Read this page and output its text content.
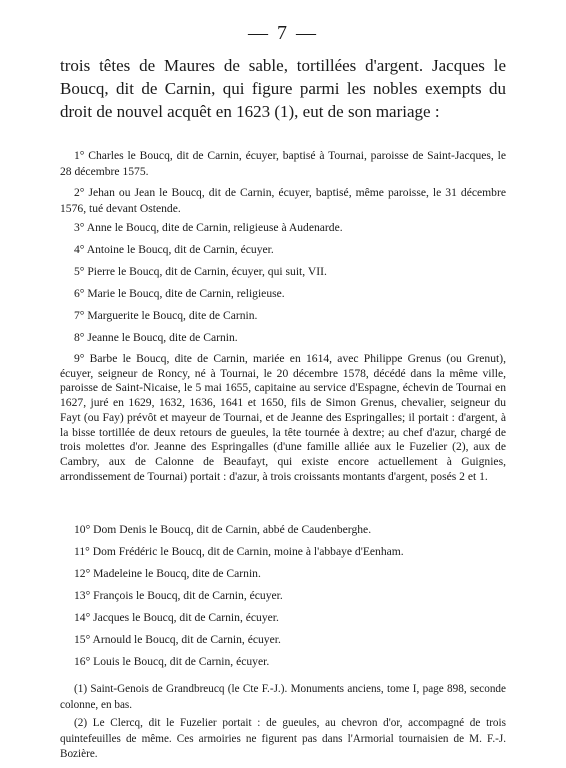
— 7 —
trois têtes de Maures de sable, tortillées d'argent. Jacques le Boucq, dit de Carnin, qui figure parmi les nobles exempts du droit de nouvel acquêt en 1623 (1), eut de son mariage :

1° Charles le Boucq, dit de Carnin, écuyer, baptisé à Tournai, paroisse de Saint-Jacques, le 28 décembre 1575.

2° Jehan ou Jean le Boucq, dit de Carnin, écuyer, baptisé, même paroisse, le 31 décembre 1576, tué devant Ostende.

3° Anne le Boucq, dite de Carnin, religieuse à Audenarde.

4° Antoine le Boucq, dit de Carnin, écuyer.

5° Pierre le Boucq, dit de Carnin, écuyer, qui suit, VII.

6° Marie le Boucq, dite de Carnin, religieuse.

7° Marguerite le Boucq, dite de Carnin.

8° Jeanne le Boucq, dite de Carnin.

9° Barbe le Boucq, dite de Carnin, mariée en 1614, avec Philippe Grenus (ou Grenut), écuyer, seigneur de Roncy, né à Tournai, le 20 décembre 1578, décédé dans la même ville, paroisse de Saint-Nicaise, le 5 mai 1655, capitaine au service d'Espagne, échevin de Tournai en 1627, juré en 1629, 1632, 1636, 1641 et 1650, fils de Simon Grenus, chevalier, seigneur du Fayt (ou Fay) prévôt et mayeur de Tournai, et de Jeanne des Espringalles; il portait : d'argent, à la bisse tortillée de deux retours de gueules, la tête tournée à dextre; au chef d'azur, chargé de trois molettes d'or. Jeanne des Espringalles (d'une famille alliée aux le Fuzelier (2), aux de Cambry, aux de Calonne de Beaufayt, qui existe encore actuellement à Guignies, arrondissement de Tournai) portait : d'azur, à trois croissants montants d'argent, posés 2 et 1.

10° Dom Denis le Boucq, dit de Carnin, abbé de Caudenberghe.

11° Dom Frédéric le Boucq, dit de Carnin, moine à l'abbaye d'Eenham.

12° Madeleine le Boucq, dite de Carnin.

13° François le Boucq, dit de Carnin, écuyer.

14° Jacques le Boucq, dit de Carnin, écuyer.

15° Arnould le Boucq, dit de Carnin, écuyer.

16° Louis le Boucq, dit de Carnin, écuyer.

(1) Saint-Genois de Grandbreucq (le Cte F.-J.). Monuments anciens, tome I, page 898, seconde colonne, en bas.

(2) Le Clercq, dit le Fuzelier portait : de gueules, au chevron d'or, accompagné de trois quintefeuilles de même. Ces armoiries ne figurent pas dans l'Armorial tournaisien de M. F.-J. Bozière.
